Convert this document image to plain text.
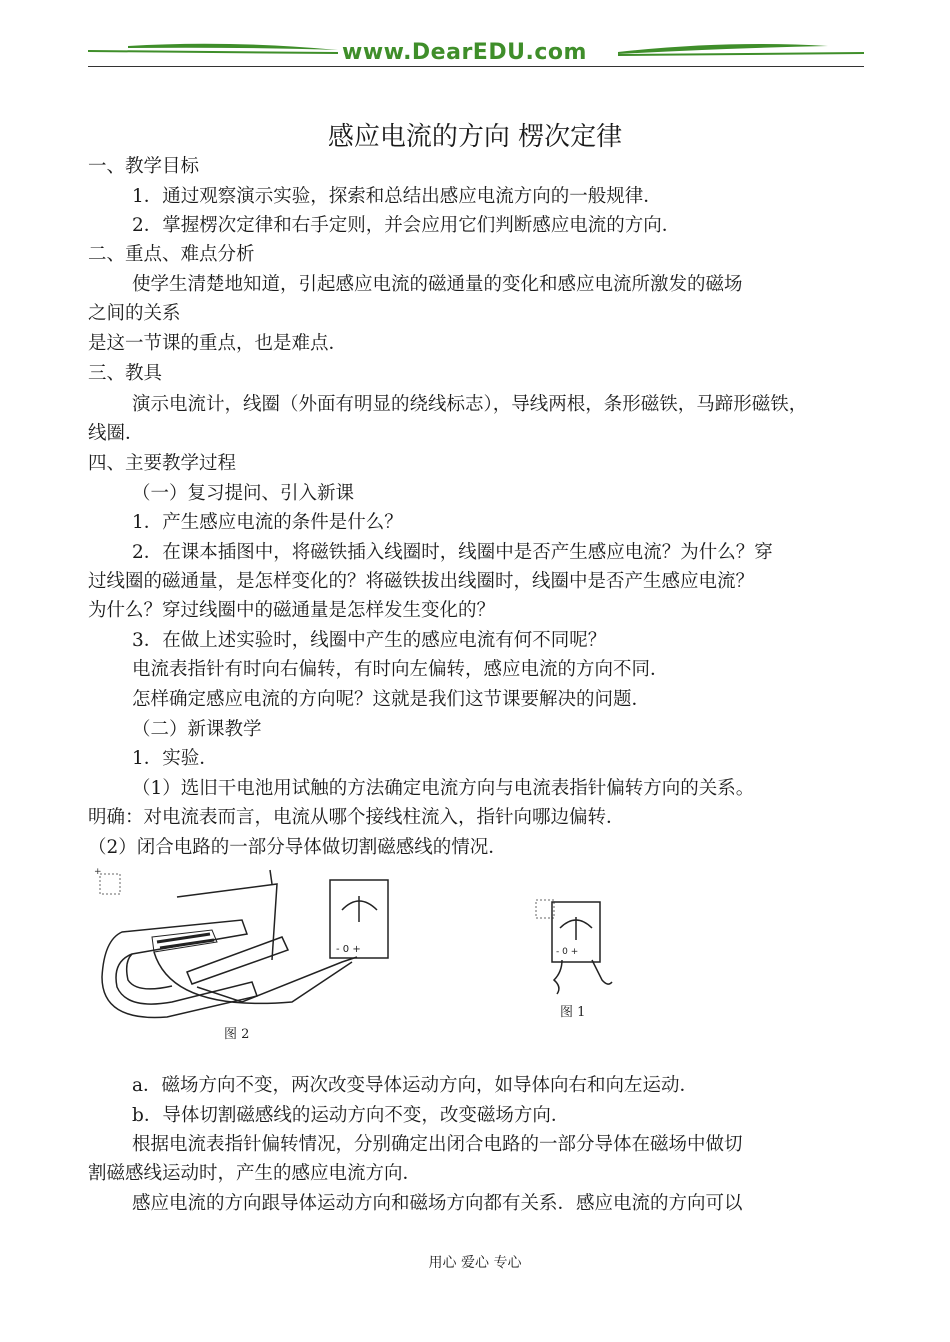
www.DearEDU.com
感应电流的方向 楞次定律
一、教学目标
1．通过观察演示实验，探索和总结出感应电流方向的一般规律．
2．掌握楞次定律和右手定则，并会应用它们判断感应电流的方向．
二、重点、难点分析
使学生清楚地知道，引起感应电流的磁通量的变化和感应电流所激发的磁场
之间的关系
是这一节课的重点，也是难点．
三、教具
演示电流计，线圈（外面有明显的绕线标志），导线两根，条形磁铁，马蹄形磁铁，
线圈．
四、主要教学过程
（一）复习提问、引入新课
1．产生感应电流的条件是什么？
2．在课本插图中，将磁铁插入线圈时，线圈中是否产生感应电流？为什么？穿
过线圈的磁通量，是怎样变化的？将磁铁拔出线圈时，线圈中是否产生感应电流？
为什么？穿过线圈中的磁通量是怎样发生变化的？
3．在做上述实验时，线圈中产生的感应电流有何不同呢？
电流表指针有时向右偏转，有时向左偏转，感应电流的方向不同．
怎样确定感应电流的方向呢？这就是我们这节课要解决的问题．
（二）新课教学
1．实验．
（1）选旧干电池用试触的方法确定电流方向与电流表指针偏转方向的关系。
明确：对电流表而言，电流从哪个接线柱流入，指针向哪边偏转．
（2）闭合电路的一部分导体做切割磁感线的情况．
+
- 0 +
图 2
- 0 +
图 1
a．磁场方向不变，两次改变导体运动方向，如导体向右和向左运动．
b．导体切割磁感线的运动方向不变，改变磁场方向．
根据电流表指针偏转情况，分别确定出闭合电路的一部分导体在磁场中做切
割磁感线运动时，产生的感应电流方向．
感应电流的方向跟导体运动方向和磁场方向都有关系．感应电流的方向可以
用心 爱心 专心
